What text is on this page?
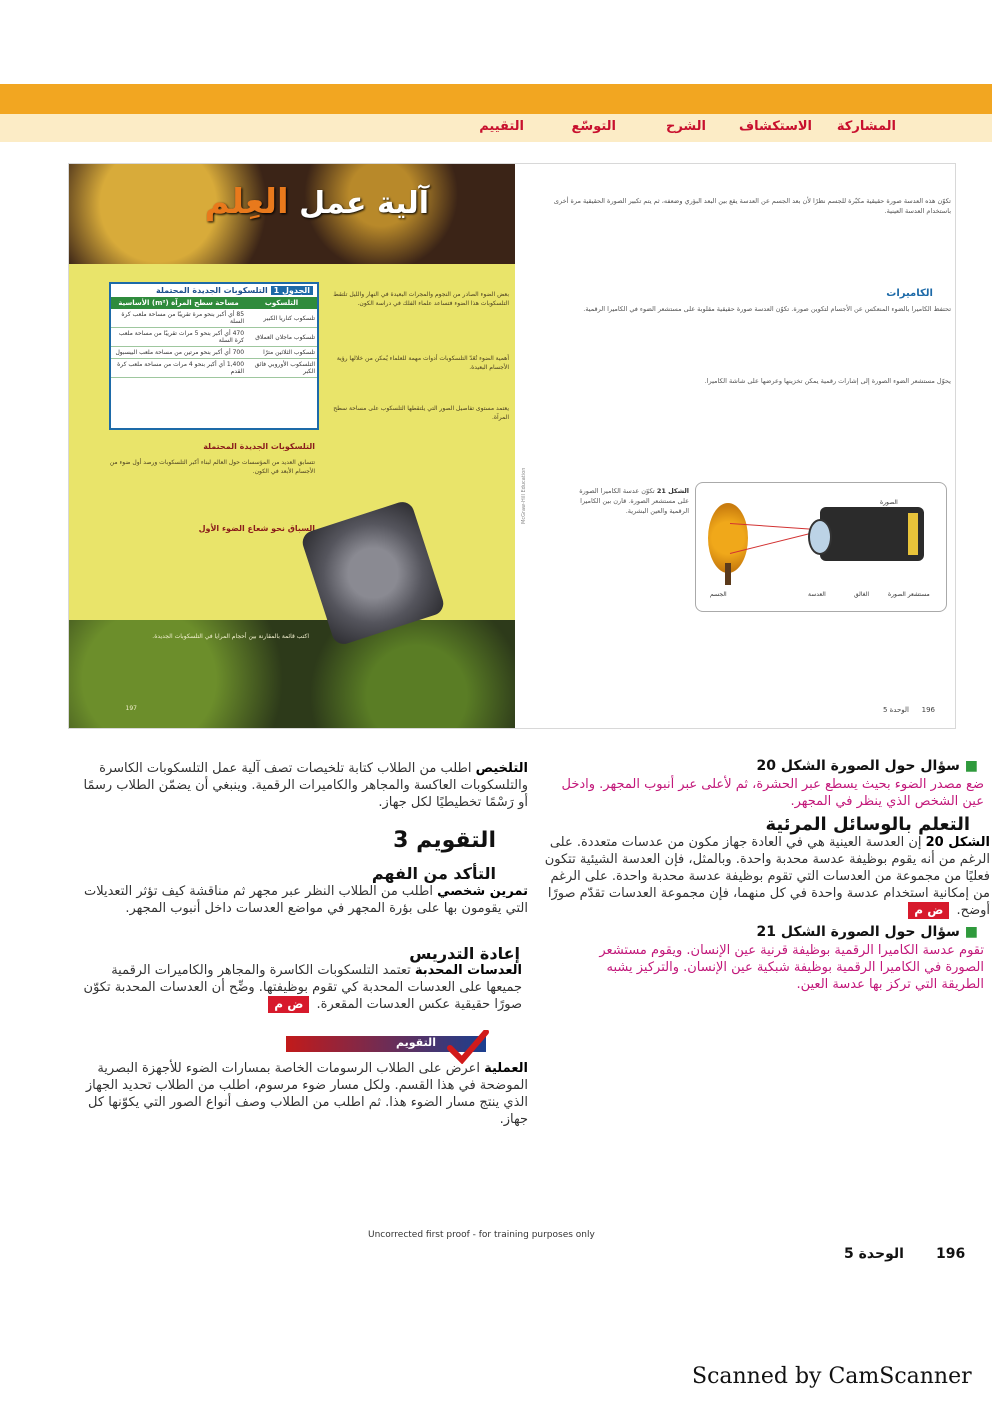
المشاركة
الاستكشاف
الشرح
التوسّع
التقييم
آلية عمل العِلم
الجدول 1 التلسكوبات الجديدة المحتملة
التلسكوب	مساحة سطح المرآة (m²) الأساسية
تلسكوب كناريا الكبير	85 أي أكبر بنحو مرة تقريبًا من مساحة ملعب كرة السلة
تلسكوب ماجلان العملاق	470 أي أكبر بنحو 5 مرات تقريبًا من مساحة ملعب كرة السلة
تلسكوب الثلاثين مترًا	700 أي أكبر بنحو مرتين من مساحة ملعب البيسبول
التلسكوب الأوروبي فائق الكبر	1,400 أي أكبر بنحو 4 مرات من مساحة ملعب كرة القدم
بعض الضوء الصادر من النجوم والمجرات البعيدة في النهار والليل تلتقط التلسكوبات هذا الضوء فتساعد علماء الفلك في دراسة الكون.
أهمية الضوء تُعَدّ التلسكوبات أدوات مهمة للعلماء يُمكن من خلالها رؤية الأجسام البعيدة.
يعتمد مستوى تفاصيل الصور التي يلتقطها التلسكوب على مساحة سطح المرآة.
التلسكوبات الجديدة المحتملة
تتسابق العديد من المؤسسات حول العالم لبناء أكبر التلسكوبات ورصد أول ضوء من الأجسام الأبعد في الكون.
السباق نحو شعاع الضوء الأول
اكتب قائمة بالمقارنة بين أحجام المرايا في التلسكوبات الجديدة.
197
تكوّن هذه العدسة صورة حقيقية مكبّرة للجسم نظرًا لأن بعد الجسم عن العدسة يقع بين البعد البؤري وضعفه، ثم يتم تكبير الصورة الحقيقية مرة أخرى باستخدام العدسة العينية.
الكاميرات
تحتفظ الكاميرا بالضوء المنعكس عن الأجسام لتكوين صورة. تكوّن العدسة صورة حقيقية مقلوبة على مستشعر الضوء في الكاميرا الرقمية.
يحوّل مستشعر الضوء الصورة إلى إشارات رقمية يمكن تخزينها وعرضها على شاشة الكاميرا.
الشكل 21 تكوّن عدسة الكاميرا الصورة على مستشعر الصورة. قارن بين الكاميرا الرقمية والعين البشرية.
الجسم	العدسة	الغالق	مستشعر الصورة
الصورة
McGraw-Hill Education
196
الوحدة 5
التلخيص اطلب من الطلاب كتابة تلخيصات تصف آلية عمل التلسكوبات الكاسرة والتلسكوبات العاكسة والمجاهر والكاميرات الرقمية. وينبغي أن يضمّن الطلاب رسمًا أو رَسْمًا تخطيطيًا لكل جهاز.
التقويم 3
التأكد من الفهم
تمرين شخصي اطلب من الطلاب النظر عبر مجهر ثم مناقشة كيف تؤثر التعديلات التي يقومون بها على بؤرة المجهر في مواضع العدسات داخل أنبوب المجهر.
إعادة التدريس
العدسات المحدبة تعتمد التلسكوبات الكاسرة والمجاهر والكاميرات الرقمية جميعها على العدسات المحدبة كي تقوم بوظيفتها. وضِّح أن العدسات المحدبة تكوّن صورًا حقيقية عكس العدسات المقعرة. ض م
التقويم
العملية اعرض على الطلاب الرسومات الخاصة بمسارات الضوء للأجهزة البصرية الموضحة في هذا القسم. ولكل مسار ضوء مرسوم، اطلب من الطلاب تحديد الجهاز الذي ينتج مسار الضوء هذا. ثم اطلب من الطلاب وصف أنواع الصور التي يكوّنها كل جهاز.
■ سؤال حول الصورة الشكل 20
ضع مصدر الضوء بحيث يسطع عبر الحشرة، ثم لأعلى عبر أنبوب المجهر. وادخل عين الشخص الذي ينظر في المجهر.
التعلم بالوسائل المرئية
الشكل 20 إن العدسة العينية هي في العادة جهاز مكون من عدسات متعددة. على الرغم من أنه يقوم بوظيفة عدسة محدبة واحدة. وبالمثل، فإن العدسة الشيئية تتكون فعليًا من مجموعة من العدسات التي تقوم بوظيفة عدسة محدبة واحدة. على الرغم من إمكانية استخدام عدسة واحدة في كل منهما، فإن مجموعة العدسات تقدّم صورًا أوضح. ض م
■ سؤال حول الصورة الشكل 21
تقوم عدسة الكاميرا الرقمية بوظيفة قرنية عين الإنسان. ويقوم مستشعر الصورة في الكاميرا الرقمية بوظيفة شبكية عين الإنسان. والتركيز يشبه الطريقة التي تركز بها عدسة العين.
Uncorrected first proof - for training purposes only
الوحدة 5 196
Scanned by CamScanner
